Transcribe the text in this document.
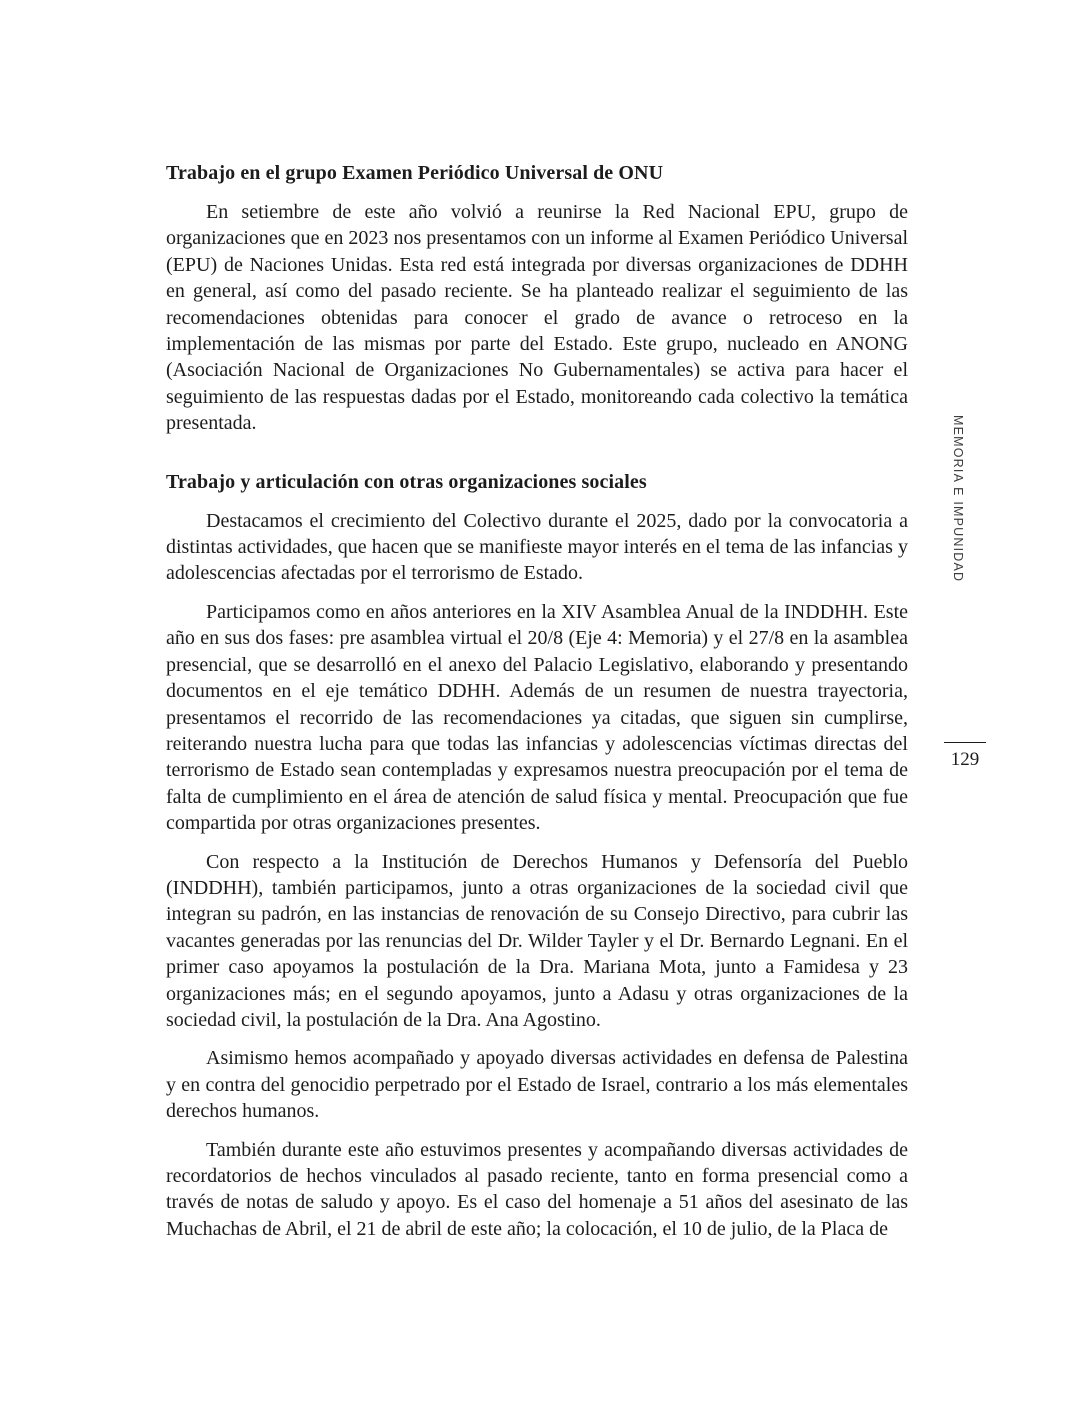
Trabajo en el grupo Examen Periódico Universal de ONU

En setiembre de este año volvió a reunirse la Red Nacional EPU, grupo de organizaciones que en 2023 nos presentamos con un informe al Examen Periódico Universal (EPU) de Naciones Unidas. Esta red está integrada por diversas organizaciones de DDHH en general, así como del pasado reciente. Se ha planteado realizar el seguimiento de las recomendaciones obtenidas para conocer el grado de avance o retroceso en la implementación de las mismas por parte del Estado. Este grupo, nucleado en ANONG (Asociación Nacional de Organizaciones No Gubernamentales) se activa para hacer el seguimiento de las respuestas dadas por el Estado, monitoreando cada colectivo la temática presentada.

Trabajo y articulación con otras organizaciones sociales

Destacamos el crecimiento del Colectivo durante el 2025, dado por la convocatoria a distintas actividades, que hacen que se manifieste mayor interés en el tema de las infancias y adolescencias afectadas por el terrorismo de Estado.

Participamos como en años anteriores en la XIV Asamblea Anual de la INDDHH. Este año en sus dos fases: pre asamblea virtual el 20/8 (Eje 4: Memoria) y el 27/8 en la asamblea presencial, que se desarrolló en el anexo del Palacio Legislativo, elaborando y presentando documentos en el eje temático DDHH. Además de un resumen de nuestra trayectoria, presentamos el recorrido de las recomendaciones ya citadas, que siguen sin cumplirse, reiterando nuestra lucha para que todas las infancias y adolescencias víctimas directas del terrorismo de Estado sean contempladas y expresamos nuestra preocupación por el tema de falta de cumplimiento en el área de atención de salud física y mental. Preocupación que fue compartida por otras organizaciones presentes.

Con respecto a la Institución de Derechos Humanos y Defensoría del Pueblo (INDDHH), también participamos, junto a otras organizaciones de la sociedad civil que integran su padrón, en las instancias de renovación de su Consejo Directivo, para cubrir las vacantes generadas por las renuncias del Dr. Wilder Tayler y el Dr. Bernardo Legnani. En el primer caso apoyamos la postulación de la Dra. Mariana Mota, junto a Famidesa y 23 organizaciones más; en el segundo apoyamos, junto a Adasu y otras organizaciones de la sociedad civil, la postulación de la Dra. Ana Agostino.

Asimismo hemos acompañado y apoyado diversas actividades en defensa de Palestina y en contra del genocidio perpetrado por el Estado de Israel, contrario a los más elementales derechos humanos.

También durante este año estuvimos presentes y acompañando diversas actividades de recordatorios de hechos vinculados al pasado reciente, tanto en forma presencial como a través de notas de saludo y apoyo. Es el caso del homenaje a 51 años del asesinato de las Muchachas de Abril, el 21 de abril de este año; la colocación, el 10 de julio, de la Placa de

MEMORIA E IMPUNIDAD
129
